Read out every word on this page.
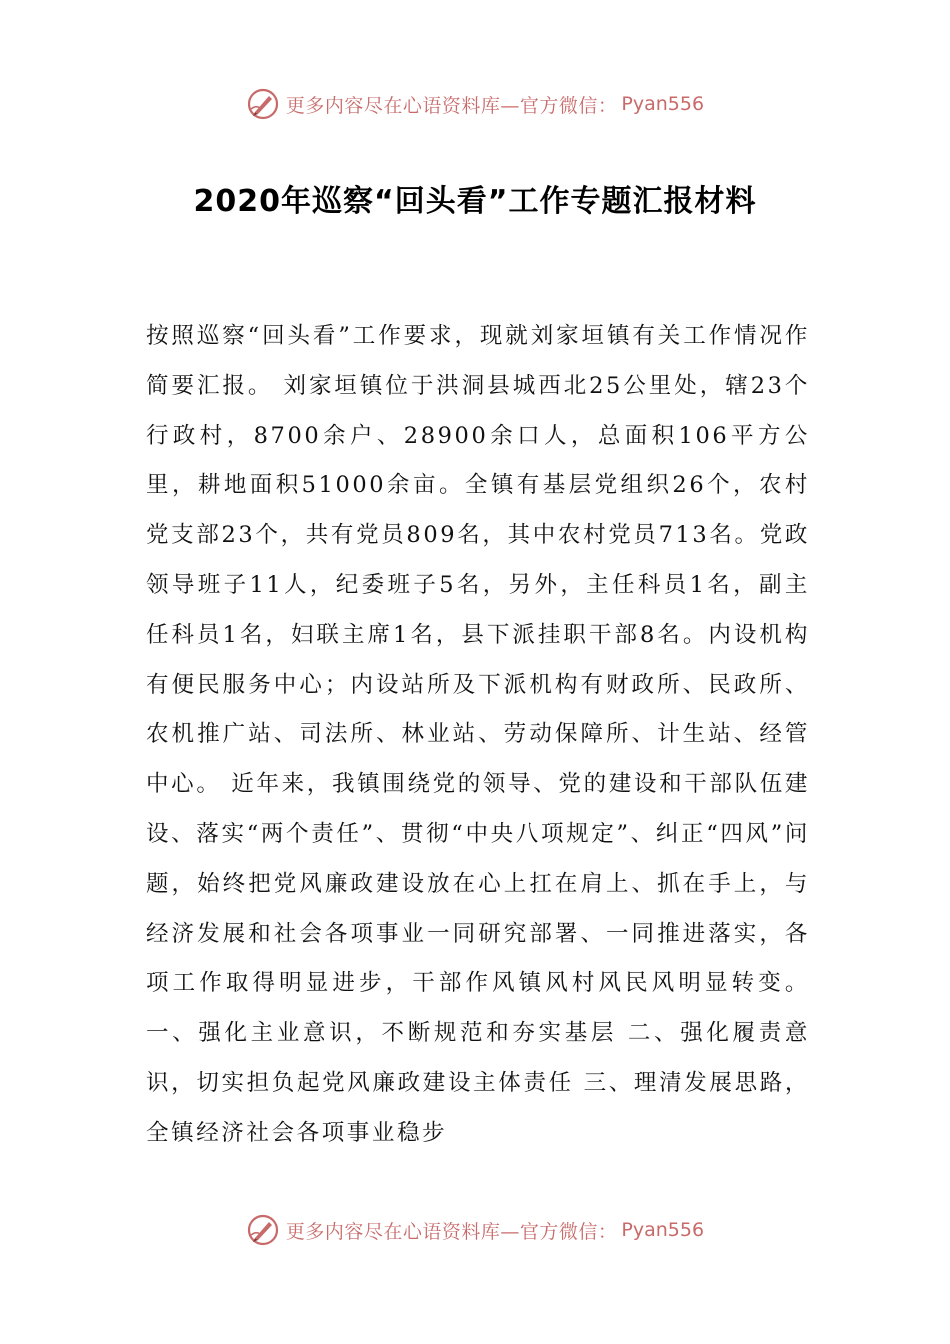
更多内容尽在心语资料库—官方微信： Pyan556
2020年巡察“回头看”工作专题汇报材料
按照巡察“回头看”工作要求，现就刘家垣镇有关工作情况作简要汇报。 刘家垣镇位于洪洞县城西北25公里处，辖23个行政村，8700余户、28900余口人，总面积106平方公里，耕地面积51000余亩。全镇有基层党组织26个，农村党支部23个，共有党员809名，其中农村党员713名。党政领导班子11人，纪委班子5名，另外，主任科员1名，副主任科员1名，妇联主席1名，县下派挂职干部8名。内设机构有便民服务中心；内设站所及下派机构有财政所、民政所、农机推广站、司法所、林业站、劳动保障所、计生站、经管中心。 近年来，我镇围绕党的领导、党的建设和干部队伍建设、落实“两个责任”、贯彻“中央八项规定”、纠正“四风”问题，始终把党风廉政建设放在心上扛在肩上、抓在手上，与经济发展和社会各项事业一同研究部署、一同推进落实，各项工作取得明显进步，干部作风镇风村风民风明显转变。 一、强化主业意识，不断规范和夯实基层 二、强化履责意识，切实担负起党风廉政建设主体责任 三、理清发展思路，全镇经济社会各项事业稳步
更多内容尽在心语资料库—官方微信： Pyan556
